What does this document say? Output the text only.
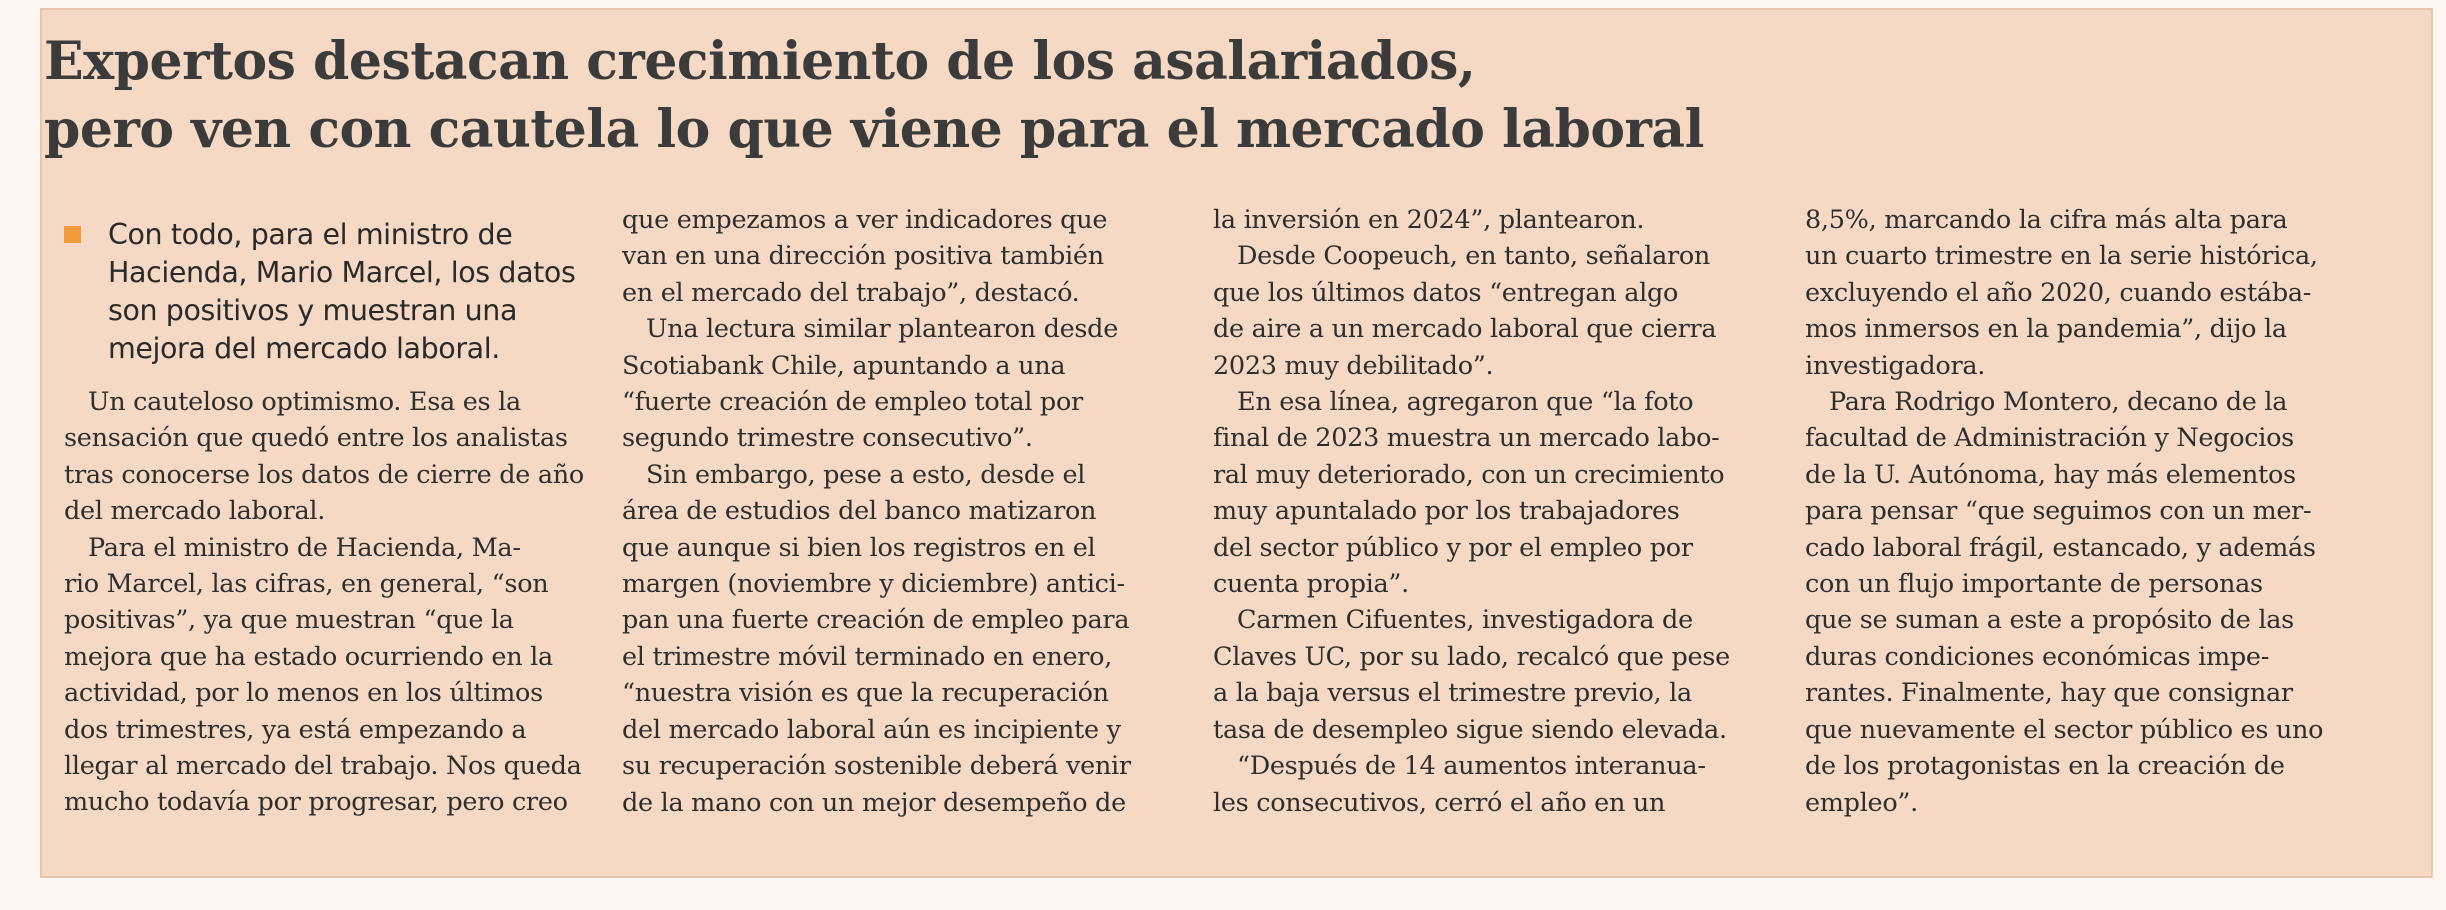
Expertos destacan crecimiento de los asalariados,
pero ven con cautela lo que viene para el mercado laboral
Con todo, para el ministro de
Hacienda, Mario Marcel, los datos
son positivos y muestran una
mejora del mercado laboral.
Un cauteloso optimismo. Esa es la
sensación que quedó entre los analistas
tras conocerse los datos de cierre de año
del mercado laboral.
Para el ministro de Hacienda, Ma-
rio Marcel, las cifras, en general, “son
positivas”, ya que muestran “que la
mejora que ha estado ocurriendo en la
actividad, por lo menos en los últimos
dos trimestres, ya está empezando a
llegar al mercado del trabajo. Nos queda
mucho todavía por progresar, pero creo
que empezamos a ver indicadores que
van en una dirección positiva también
en el mercado del trabajo”, destacó.
Una lectura similar plantearon desde
Scotiabank Chile, apuntando a una
“fuerte creación de empleo total por
segundo trimestre consecutivo”.
Sin embargo, pese a esto, desde el
área de estudios del banco matizaron
que aunque si bien los registros en el
margen (noviembre y diciembre) antici-
pan una fuerte creación de empleo para
el trimestre móvil terminado en enero,
“nuestra visión es que la recuperación
del mercado laboral aún es incipiente y
su recuperación sostenible deberá venir
de la mano con un mejor desempeño de
la inversión en 2024”, plantearon.
Desde Coopeuch, en tanto, señalaron
que los últimos datos “entregan algo
de aire a un mercado laboral que cierra
2023 muy debilitado”.
En esa línea, agregaron que “la foto
final de 2023 muestra un mercado labo-
ral muy deteriorado, con un crecimiento
muy apuntalado por los trabajadores
del sector público y por el empleo por
cuenta propia”.
Carmen Cifuentes, investigadora de
Claves UC, por su lado, recalcó que pese
a la baja versus el trimestre previo, la
tasa de desempleo sigue siendo elevada.
“Después de 14 aumentos interanua-
les consecutivos, cerró el año en un
8,5%, marcando la cifra más alta para
un cuarto trimestre en la serie histórica,
excluyendo el año 2020, cuando estába-
mos inmersos en la pandemia”, dijo la
investigadora.
Para Rodrigo Montero, decano de la
facultad de Administración y Negocios
de la U. Autónoma, hay más elementos
para pensar “que seguimos con un mer-
cado laboral frágil, estancado, y además
con un flujo importante de personas
que se suman a este a propósito de las
duras condiciones económicas impe-
rantes. Finalmente, hay que consignar
que nuevamente el sector público es uno
de los protagonistas en la creación de
empleo”.
